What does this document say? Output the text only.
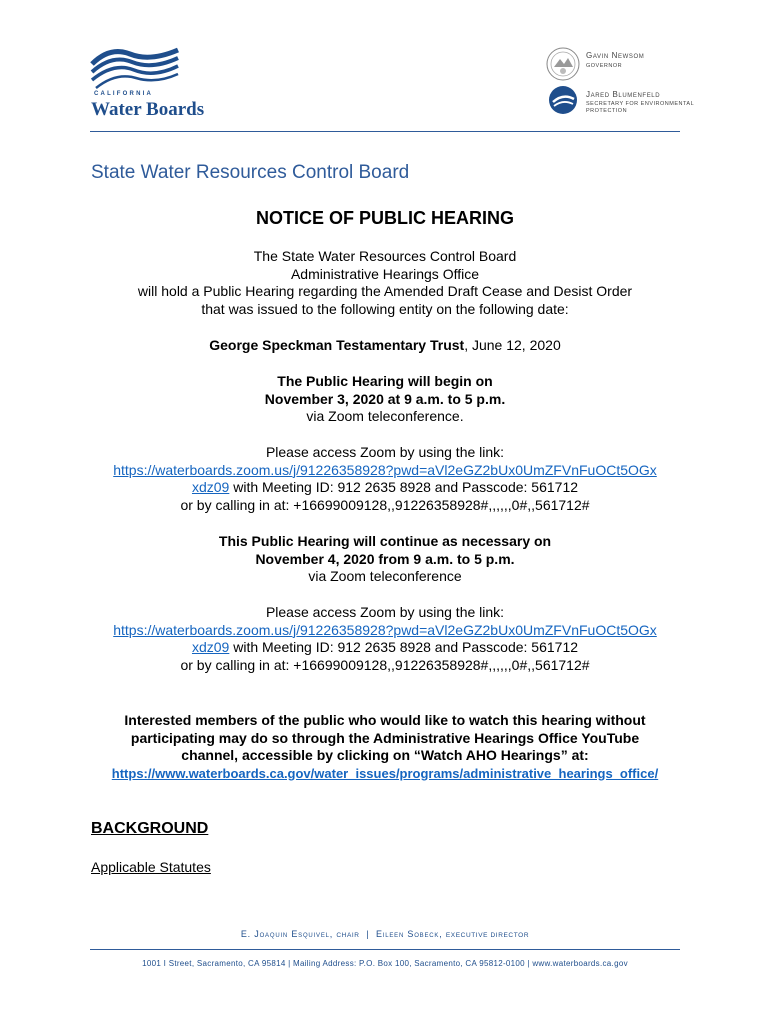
CALIFORNIA
Water Boards
Gavin Newsom
GOVERNOR
Jared Blumenfeld
SECRETARY FOR ENVIRONMENTAL PROTECTION
State Water Resources Control Board
NOTICE OF PUBLIC HEARING

The State Water Resources Control Board

Administrative Hearings Office

will hold a Public Hearing regarding the Amended Draft Cease and Desist Order

that was issued to the following entity on the following date:

George Speckman Testamentary Trust, June 12, 2020

The Public Hearing will begin on

November 3, 2020 at 9 a.m. to 5 p.m.

via Zoom teleconference.

Please access Zoom by using the link:

https://waterboards.zoom.us/j/91226358928?pwd=aVl2eGZ2bUx0UmZFVnFuOCt5OGx

xdz09 with Meeting ID: 912 2635 8928 and Passcode: 561712

or by calling in at: +16699009128,,91226358928#,,,,,,0#,,561712#

This Public Hearing will continue as necessary on

November 4, 2020 from 9 a.m. to 5 p.m.

via Zoom teleconference

Please access Zoom by using the link:

https://waterboards.zoom.us/j/91226358928?pwd=aVl2eGZ2bUx0UmZFVnFuOCt5OGx

xdz09 with Meeting ID: 912 2635 8928 and Passcode: 561712

or by calling in at: +16699009128,,91226358928#,,,,,,0#,,561712#

Interested members of the public who would like to watch this hearing without

participating may do so through the Administrative Hearings Office YouTube

channel, accessible by clicking on “Watch AHO Hearings” at:

https://www.waterboards.ca.gov/water_issues/programs/administrative_hearings_office/

BACKGROUND
Applicable Statutes
E. Joaquin Esquivel, CHAIR | Eileen Sobeck, EXECUTIVE DIRECTOR
1001 I Street, Sacramento, CA 95814 | Mailing Address: P.O. Box 100, Sacramento, CA 95812-0100 | www.waterboards.ca.gov
